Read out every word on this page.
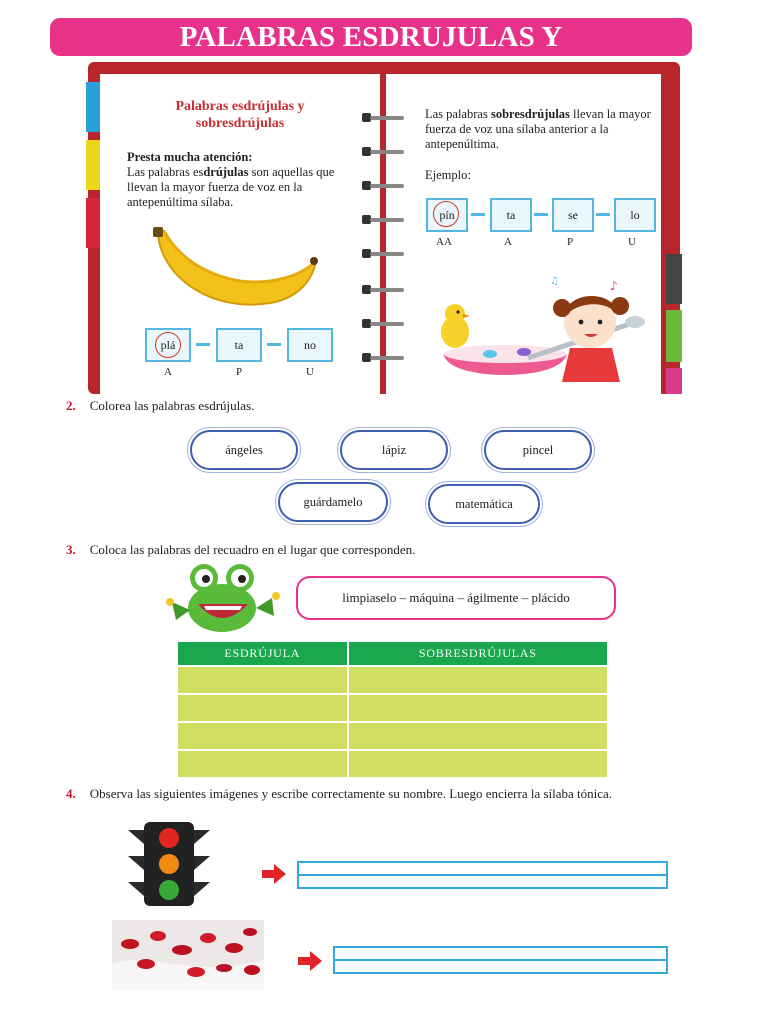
PALABRAS ESDRUJULAS Y
Palabras esdrújulas y sobresdrújulas
Presta mucha atención:
Las palabras esdrújulas son aquellas que llevan la mayor fuerza de voz en la antepenúltima sílaba.
plá	ta	no
A	P	U
Las palabras sobresdrújulas llevan la mayor fuerza de voz una sílaba anterior a la antepenúltima.
Ejemplo:
pín	ta	se	lo
AA	A	P	U
♪
♫
2. Colorea las palabras esdrújulas.
ángeles	lápiz	pincel
guárdamelo	matemática
3. Coloca las palabras del recuadro en el lugar que corresponden.
limpiaselo – máquina – ágilmente – plácido
ESDRÚJULA	SOBRESDRÚJULAS

4. Observa las siguientes imágenes y escribe correctamente su nombre. Luego encierra la sílaba tónica.
